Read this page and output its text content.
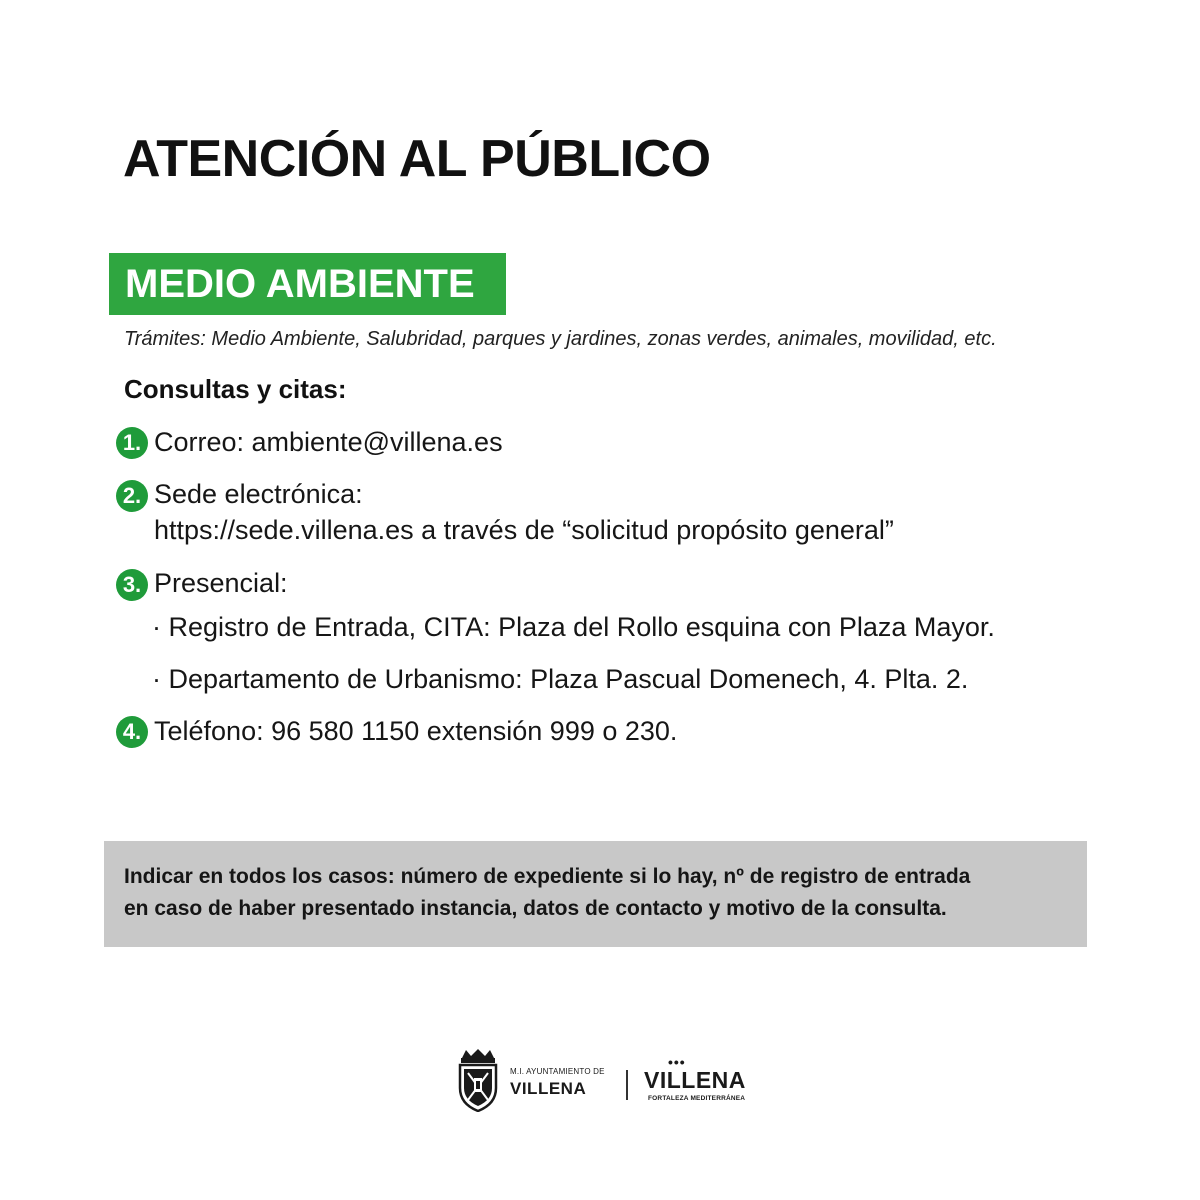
ATENCIÓN AL PÚBLICO
MEDIO AMBIENTE
Trámites: Medio Ambiente, Salubridad, parques y jardines, zonas verdes, animales, movilidad, etc.
Consultas y citas:
1. Correo: ambiente@villena.es
2. Sede electrónica:
https://sede.villena.es a través de “solicitud propósito general”
3. Presencial:
· Registro de Entrada, CITA: Plaza del Rollo esquina con Plaza Mayor.
· Departamento de Urbanismo: Plaza Pascual Domenech, 4. Plta. 2.
4. Teléfono: 96 580 1150 extensión 999 o 230.
Indicar en todos los casos: número de expediente si lo hay, nº de registro de entrada
en caso de haber presentado instancia, datos de contacto y motivo de la consulta.
M.I. AYUNTAMIENTO DE
VILLENA
•••
VILLENA
FORTALEZA MEDITERRÁNEA
